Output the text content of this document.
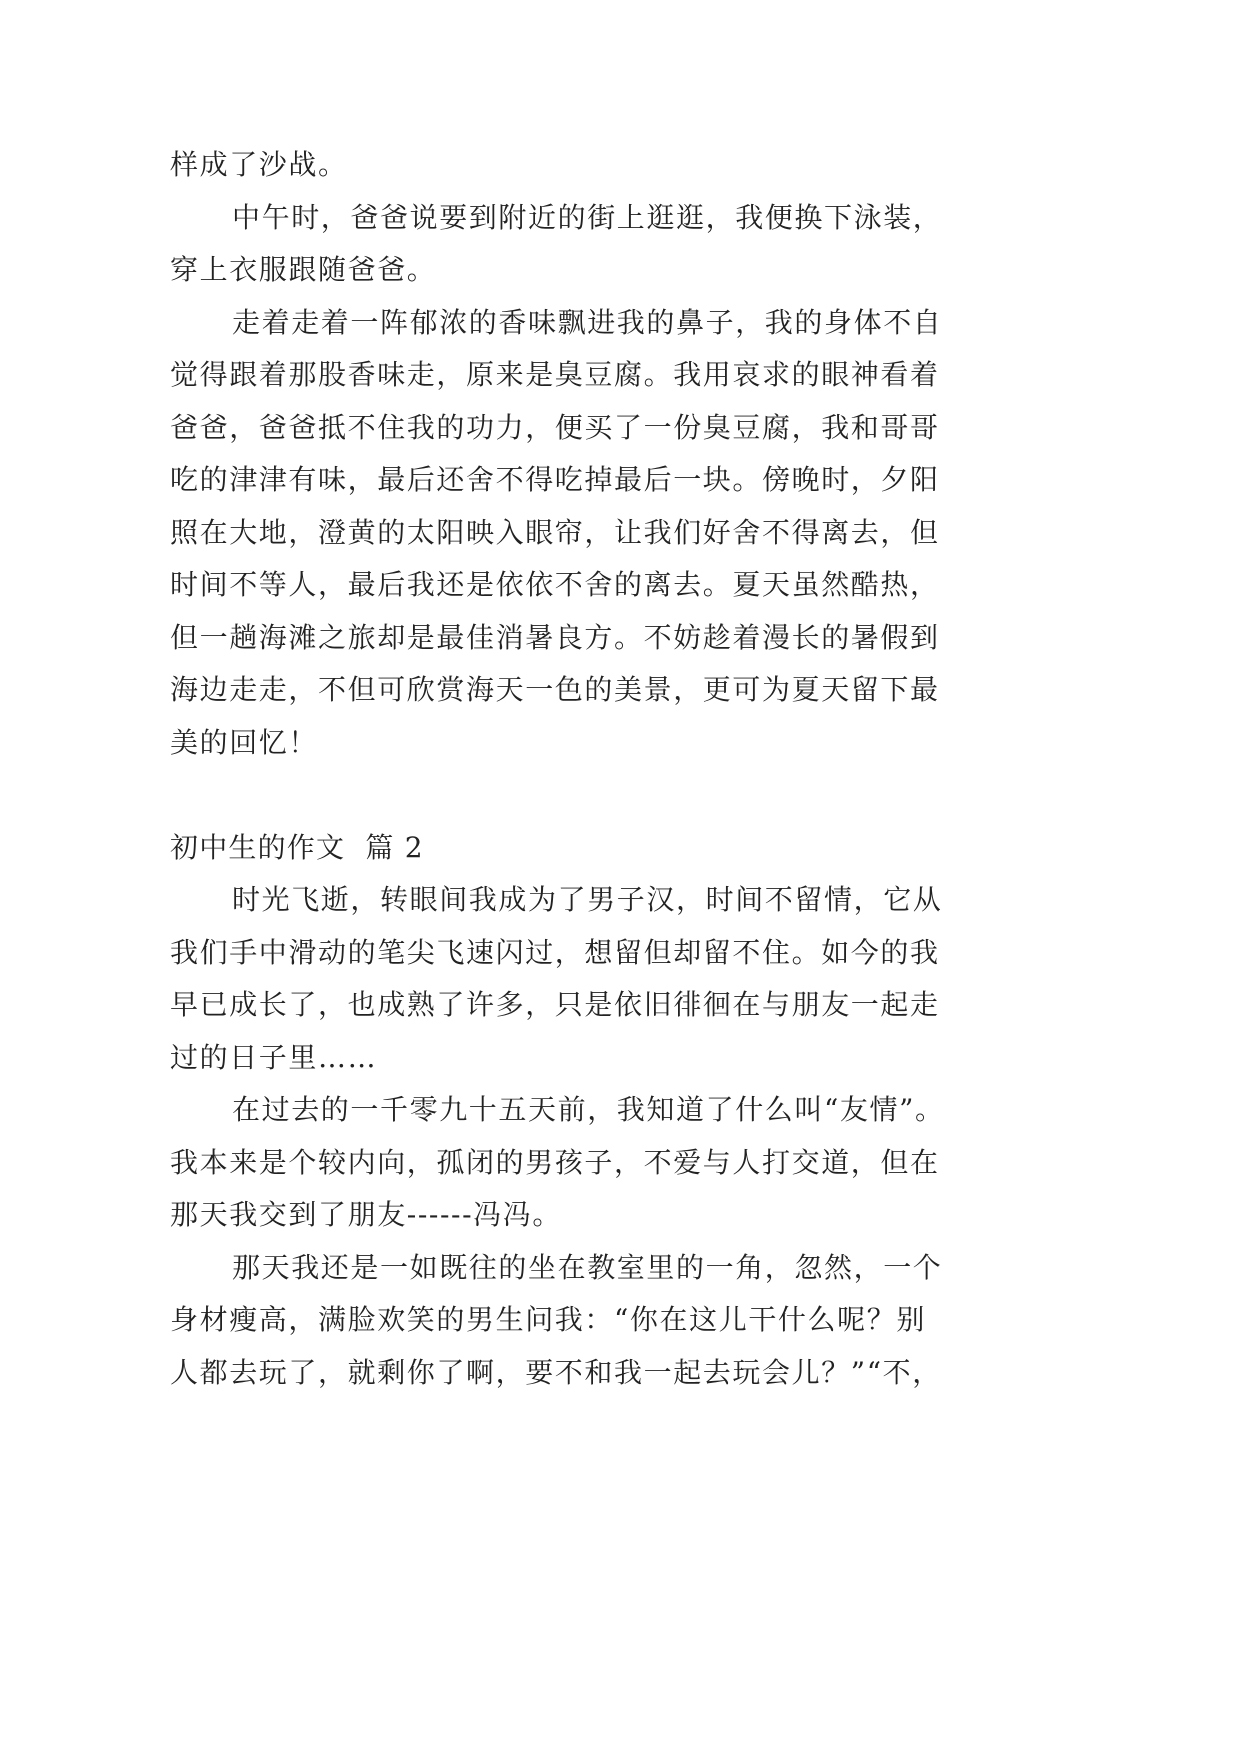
样成了沙战。
中午时，爸爸说要到附近的街上逛逛，我便换下泳装，
穿上衣服跟随爸爸。
走着走着一阵郁浓的香味飘进我的鼻子，我的身体不自
觉得跟着那股香味走，原来是臭豆腐。我用哀求的眼神看着
爸爸，爸爸抵不住我的功力，便买了一份臭豆腐，我和哥哥
吃的津津有味，最后还舍不得吃掉最后一块。傍晚时，夕阳
照在大地，澄黄的太阳映入眼帘，让我们好舍不得离去，但
时间不等人，最后我还是依依不舍的离去。夏天虽然酷热，
但一趟海滩之旅却是最佳消暑良方。不妨趁着漫长的暑假到
海边走走，不但可欣赏海天一色的美景，更可为夏天留下最
美的回忆！
初中生的作文  篇 2
时光飞逝，转眼间我成为了男子汉，时间不留情，它从
我们手中滑动的笔尖飞速闪过，想留但却留不住。如今的我
早已成长了，也成熟了许多，只是依旧徘徊在与朋友一起走
过的日子里……
在过去的一千零九十五天前，我知道了什么叫“友情”。
我本来是个较内向，孤闭的男孩子，不爱与人打交道，但在
那天我交到了朋友------冯冯。
那天我还是一如既往的坐在教室里的一角，忽然，一个
身材瘦高，满脸欢笑的男生问我：“你在这儿干什么呢？别
人都去玩了，就剩你了啊，要不和我一起去玩会儿？”“不，
